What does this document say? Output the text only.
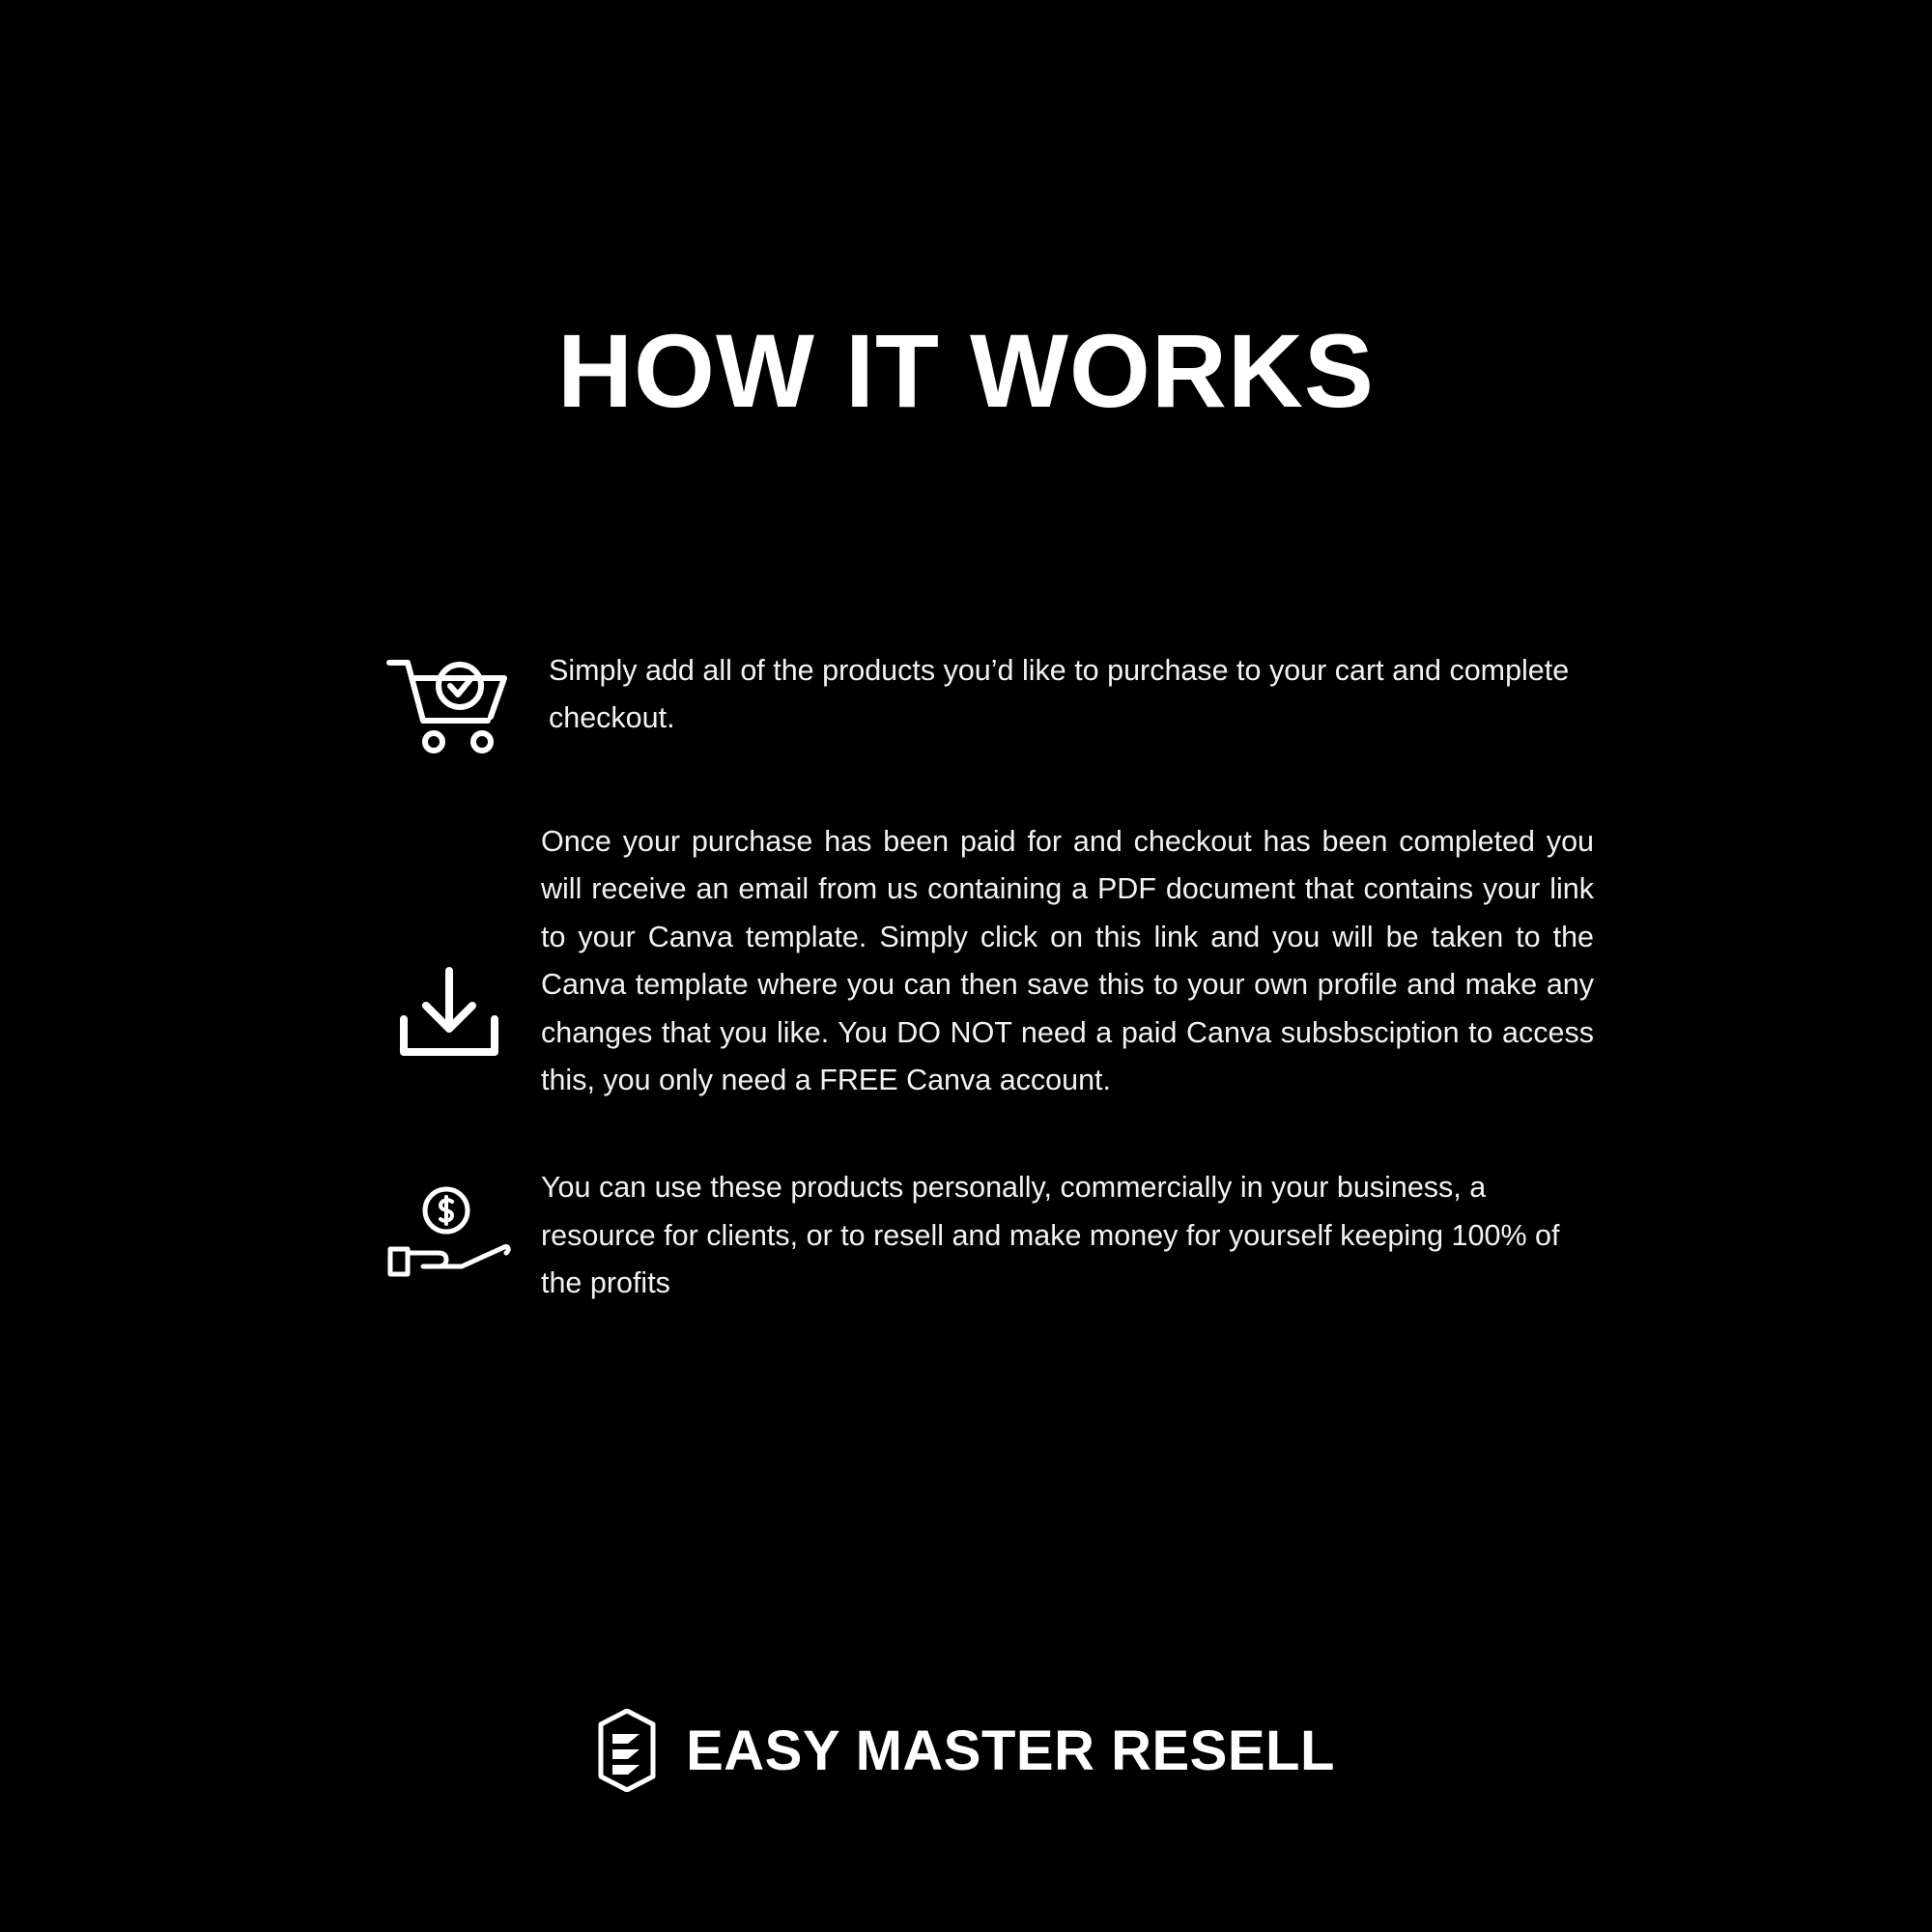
HOW IT WORKS
Simply add all of the products you’d like to purchase to your cart and complete checkout.
Once your purchase has been paid for and checkout has been completed you will receive an email from us containing a PDF document that contains your link to your Canva template. Simply click on this link and you will be taken to the Canva template where you can then save this to your own profile and make any changes that you like. You DO NOT need a paid Canva subsbsciption to access this, you only need a FREE Canva account.
You can use these products personally, commercially in your business, a resource for clients, or to resell and make money for yourself keeping 100% of the profits
EASY MASTER RESELL
